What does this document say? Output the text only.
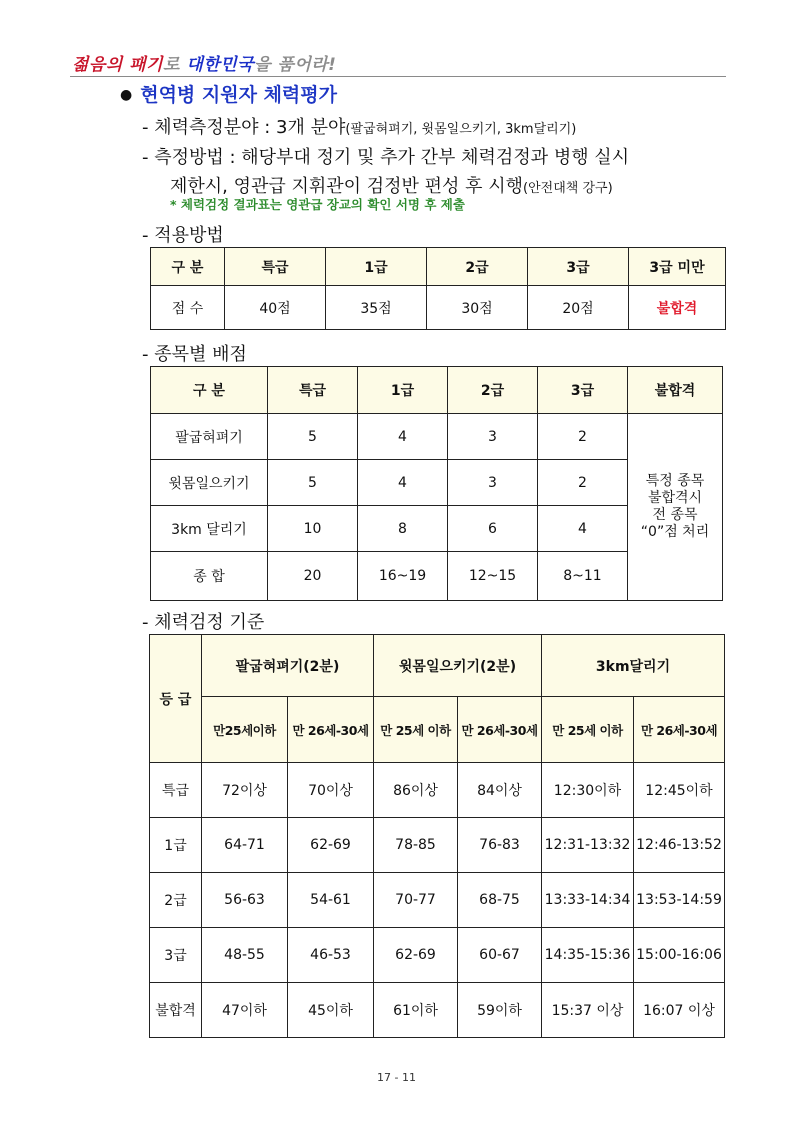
젊음의 패기로 대한민국을 품어라!
● 현역병 지원자 체력평가
- 체력측정분야 : 3개 분야(팔굽혀펴기, 윗몸일으키기, 3km달리기)
- 측정방법 : 해당부대 정기 및 추가 간부 체력검정과 병행 실시
제한시, 영관급 지휘관이 검정반 편성 후 시행(안전대책 강구)
* 체력검정 결과표는 영관급 장교의 확인 서명 후 제출
- 적용방법
구 분	특급	1급	2급	3급	3급 미만
점 수	40점	35점	30점	20점	불합격
- 종목별 배점
구 분	특급	1급	2급	3급	불합격
팔굽혀펴기	5	4	3	2	특정 종목
불합격시
전 종목
“0”점 처리

윗몸일으키기	5	4	3	2	
3km 달리기	10	8	6	4	
종 합	20	16~19	12~15	8~11	
- 체력검정 기준
등 급	팔굽혀펴기(2분)		윗몸일으키기(2분)		3km달리기	
	만25세이하	만 26세-30세	만 25세 이하	만 26세-30세	만 25세 이하	만 26세-30세
특급	72이상	70이상	86이상	84이상	12:30이하	12:45이하
1급	64-71	62-69	78-85	76-83	12:31-13:32	12:46-13:52
2급	56-63	54-61	70-77	68-75	13:33-14:34	13:53-14:59
3급	48-55	46-53	62-69	60-67	14:35-15:36	15:00-16:06
불합격	47이하	45이하	61이하	59이하	15:37 이상	16:07 이상
17 - 11
